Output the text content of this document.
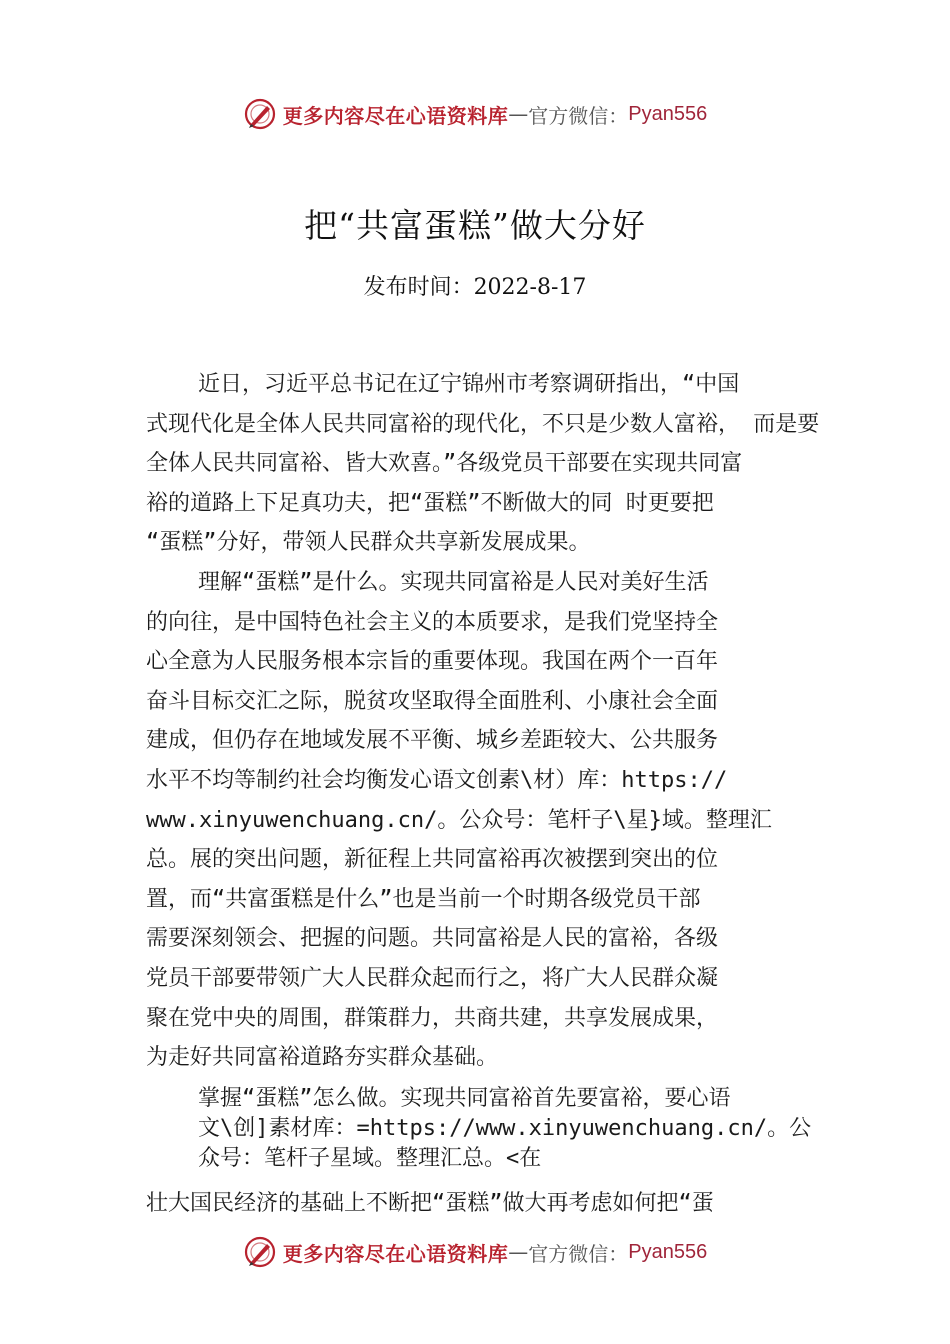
更多内容尽在心语资料库 — 官方微信： Pyan556
把“共富蛋糕”做大分好
发布时间：2022-8-17
近日，习近平总书记在辽宁锦州市考察调研指出，“中国
式现代化是全体人民共同富裕的现代化，不只是少数人富裕， 而是要
全体人民共同富裕、皆大欢喜。”各级党员干部要在实现共同富
裕的道路上下足真功夫，把“蛋糕”不断做大的同 时更要把
“蛋糕”分好，带领人民群众共享新发展成果。
理解“蛋糕”是什么。实现共同富裕是人民对美好生活
的向往，是中国特色社会主义的本质要求，是我们党坚持全
心全意为人民服务根本宗旨的重要体现。我国在两个一百年
奋斗目标交汇之际，脱贫攻坚取得全面胜利、小康社会全面
建成，但仍存在地域发展不平衡、城乡差距较大、公共服务
水平不均等制约社会均衡发心语文创素\材）库：https://
www.xinyuwenchuang.cn/。公众号：笔杆子\星}域。整理汇
总。展的突出问题，新征程上共同富裕再次被摆到突出的位
置，而“共富蛋糕是什么”也是当前一个时期各级党员干部
需要深刻领会、把握的问题。共同富裕是人民的富裕，各级
党员干部要带领广大人民群众起而行之，将广大人民群众凝
聚在党中央的周围，群策群力，共商共建，共享发展成果，
为走好共同富裕道路夯实群众基础。
掌握“蛋糕”怎么做。实现共同富裕首先要富裕，要心语
文\创]素材库：=https://www.xinyuwenchuang.cn/。公
众号：笔杆子星域。整理汇总。<在
壮大国民经济的基础上不断把“蛋糕”做大再考虑如何把“蛋
更多内容尽在心语资料库 — 官方微信： Pyan556
